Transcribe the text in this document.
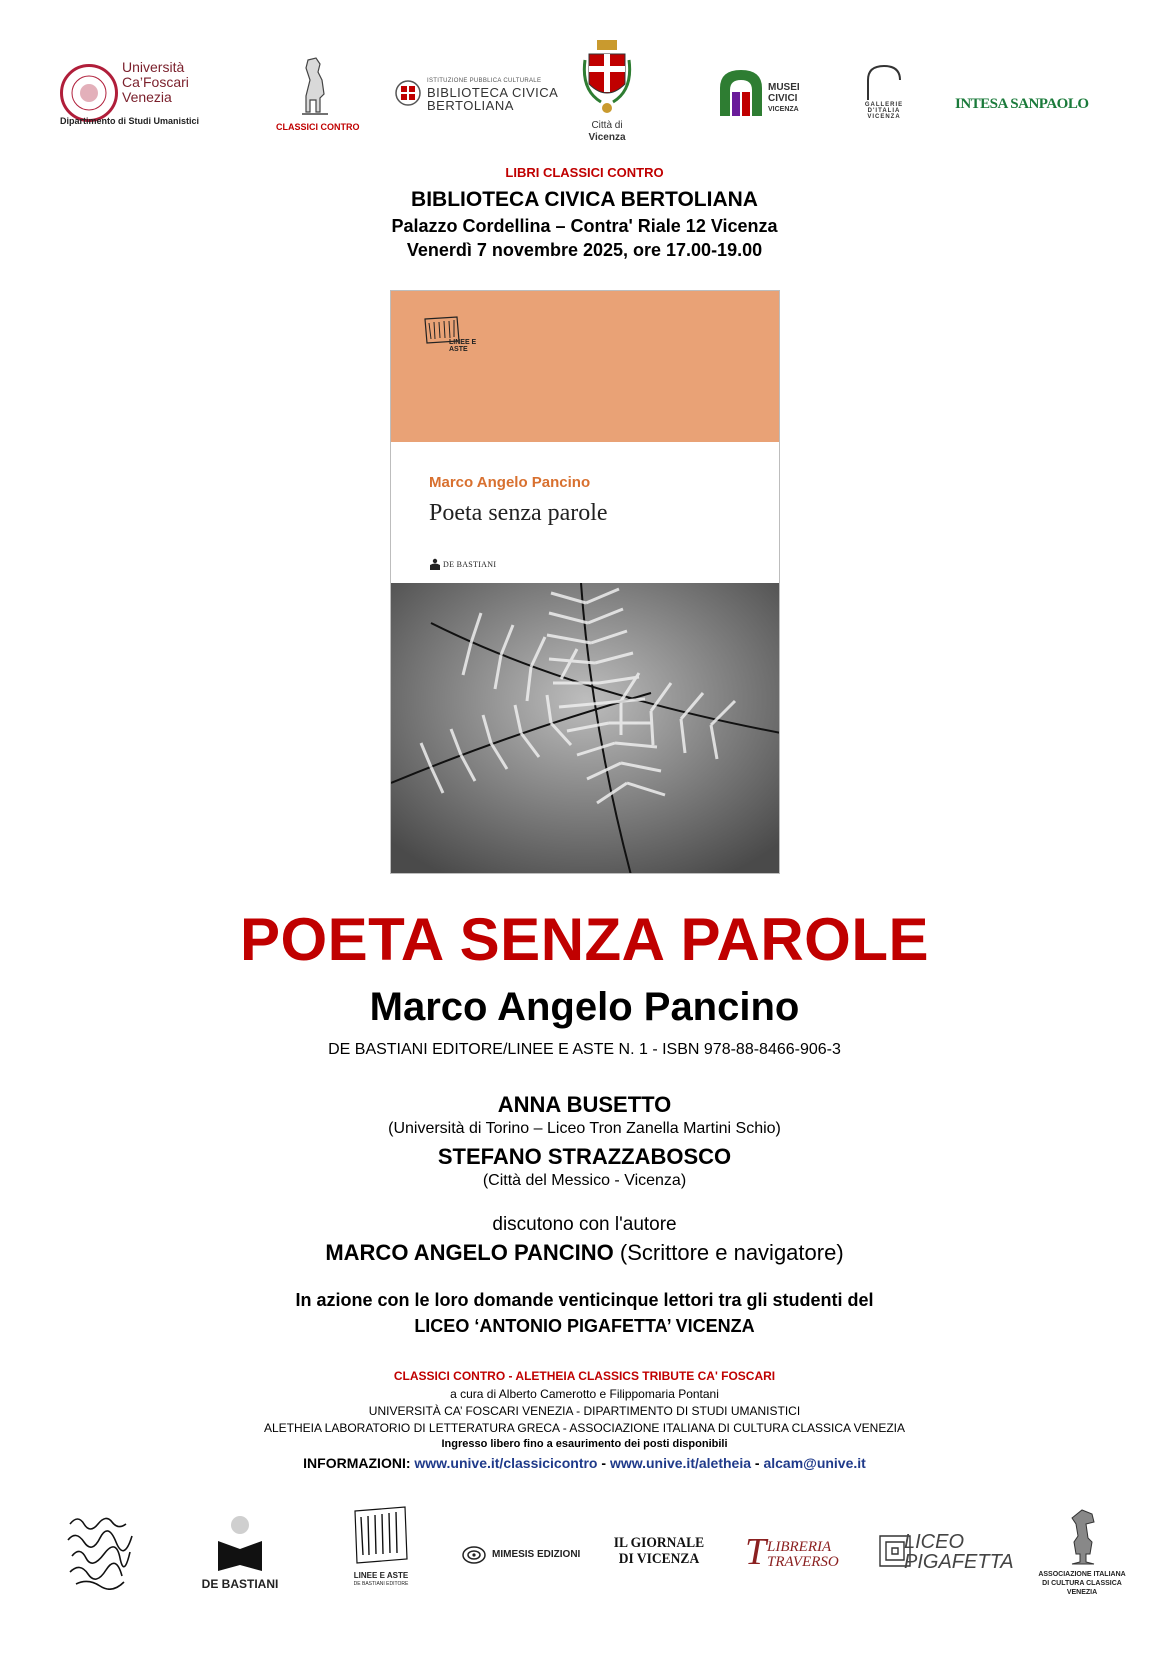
Università
Ca’Foscari
Venezia
Dipartimento di Studi Umanistici
CLASSICI CONTRO
ISTITUZIONE PUBBLICA CULTURALE
BIBLIOTECA CIVICA
BERTOLIANA
Città di
Vicenza
MUSEI
CIVICI
VICENZA
GALLERIE D'ITALIA
VICENZA
INTESA SANPAOLO
LIBRI CLASSICI CONTRO
BIBLIOTECA CIVICA BERTOLIANA
Palazzo Cordellina – Contra' Riale 12 Vicenza
Venerdì 7 novembre 2025, ore 17.00-19.00
LINEE E ASTE
Marco Angelo Pancino
Poeta senza parole
DE BASTIANI
POETA SENZA PAROLE
Marco Angelo Pancino
DE BASTIANI EDITORE/LINEE E ASTE N. 1 - ISBN 978-88-8466-906-3
ANNA BUSETTO
(Università di Torino – Liceo Tron Zanella Martini Schio)
STEFANO STRAZZABOSCO
(Città del Messico - Vicenza)
discutono con l'autore
MARCO ANGELO PANCINO (Scrittore e navigatore)
In azione con le loro domande venticinque lettori tra gli studenti del
LICEO ‘ANTONIO PIGAFETTA’ VICENZA
CLASSICI CONTRO - ALETHEIA CLASSICS TRIBUTE CA' FOSCARI
a cura di Alberto Camerotto e Filippomaria Pontani
UNIVERSITÀ CA’ FOSCARI VENEZIA - DIPARTIMENTO DI STUDI UMANISTICI
ALETHEIA LABORATORIO DI LETTERATURA GRECA - ASSOCIAZIONE ITALIANA DI CULTURA CLASSICA VENEZIA
Ingresso libero fino a esaurimento dei posti disponibili
INFORMAZIONI: www.unive.it/classicicontro - www.unive.it/aletheia - alcam@unive.it
DE BASTIANI
LINEE E ASTE
DE BASTIANI EDITORE
MIMESIS EDIZIONI
IL GIORNALE
DI VICENZA T LIBRERIA
TRAVERSO
LICEO
PIGAFETTA
ASSOCIAZIONE ITALIANA
DI CULTURA CLASSICA
VENEZIA
